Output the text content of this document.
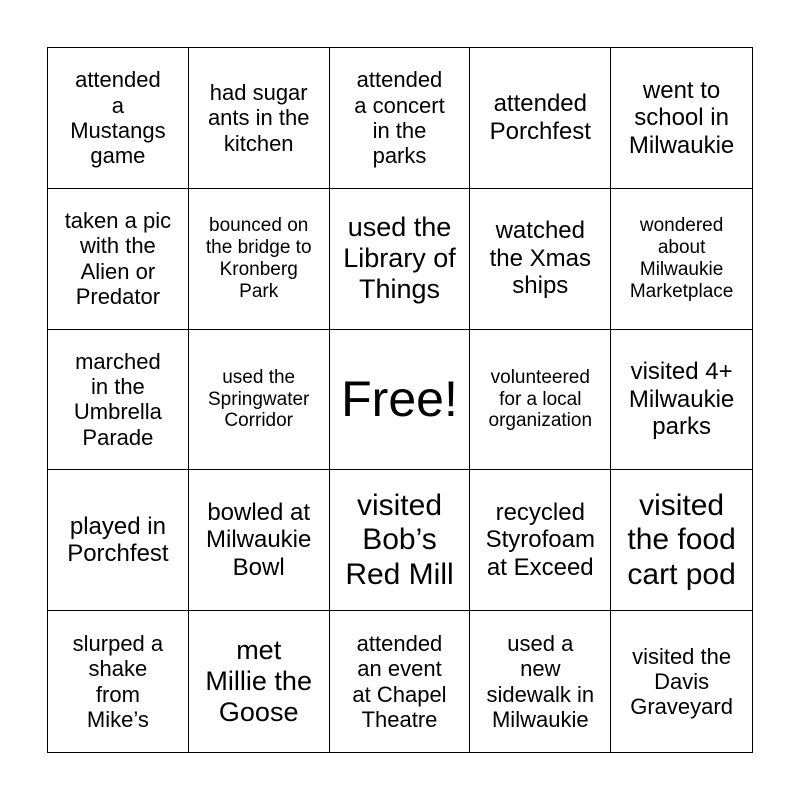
attended
a
Mustangs
game
had sugar
ants in the
kitchen
attended
a concert
in the
parks
attended
Porchfest
went to
school in
Milwaukie
taken a pic
with the
Alien or
Predator
bounced on
the bridge to
Kronberg
Park
used the
Library of
Things
watched
the Xmas
ships
wondered
about
Milwaukie
Marketplace
marched
in the
Umbrella
Parade
used the
Springwater
Corridor Free!	volunteered
for a local
organization
visited 4+
Milwaukie
parks
played in
Porchfest
bowled at
Milwaukie
Bowl
visited
Bob’s
Red Mill
recycled
Styrofoam
at Exceed
visited
the food
cart pod
slurped a
shake
from
Mike’s
met
Millie the
Goose
attended
an event
at Chapel
Theatre
used a
new
sidewalk in
Milwaukie
visited the
Davis
Graveyard
